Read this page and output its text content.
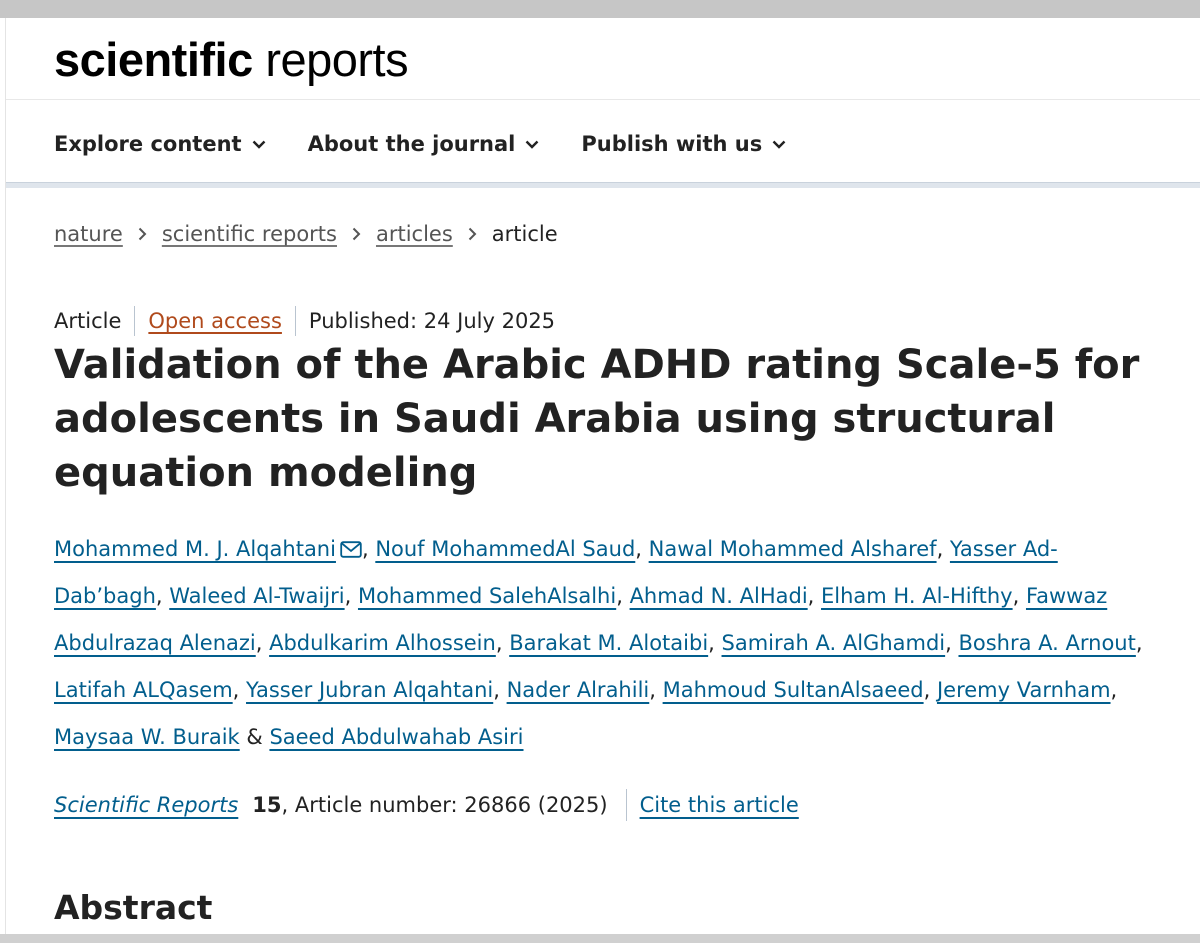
scientific reports
Explore content	About the journal	Publish with us
nature scientific reports articles article
Article Open access Published: 24 July 2025
Validation of the Arabic ADHD rating Scale-5 for adolescents in Saudi Arabia using structural equation modeling
Mohammed M. J. Alqahtani , Nouf MohammedAl Saud, Nawal Mohammed Alsharef, Yasser Ad-Dab’bagh, Waleed Al-Twaijri, Mohammed SalehAlsalhi, Ahmad N. AlHadi, Elham H. Al-Hifthy, Fawwaz Abdulrazaq Alenazi, Abdulkarim Alhossein, Barakat M. Alotaibi, Samirah A. AlGhamdi, Boshra A. Arnout, Latifah ALQasem, Yasser Jubran Alqahtani, Nader Alrahili, Mahmoud SultanAlsaeed, Jeremy Varnham, Maysaa W. Buraik & Saeed Abdulwahab Asiri
Scientific Reports 15 , Article number: 26866 (2025) Cite this article
Abstract
